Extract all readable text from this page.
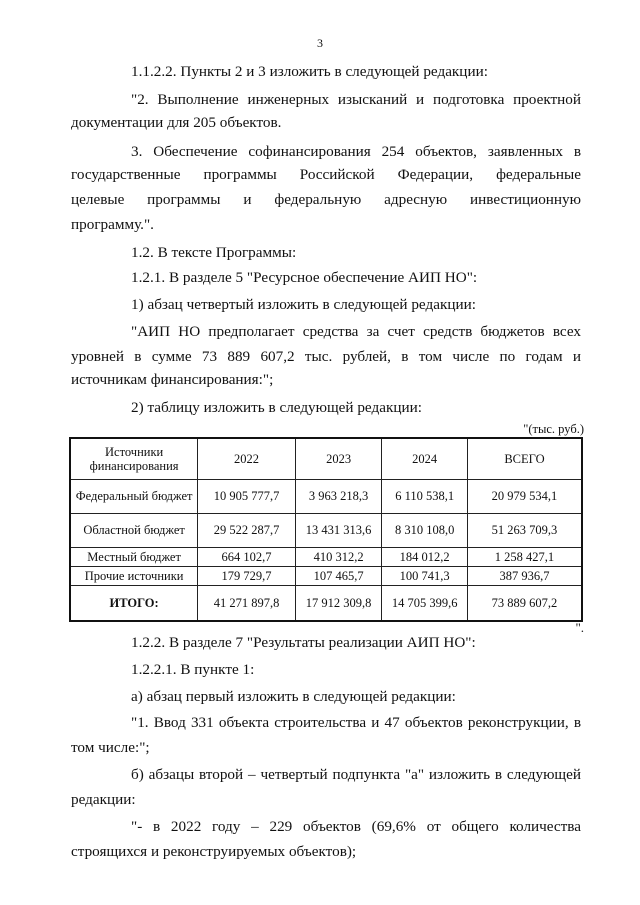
3
1.1.2.2. Пункты 2 и 3 изложить в следующей редакции:
"2. Выполнение инженерных изысканий и подготовка проектной
документации для 205 объектов.
3. Обеспечение софинансирования 254 объектов, заявленных в
государственные программы Российской Федерации, федеральные
целевые программы и федеральную адресную инвестиционную
программу.".
1.2. В тексте Программы:
1.2.1. В разделе 5 "Ресурсное обеспечение АИП НО":
1) абзац четвертый изложить в следующей редакции:
"АИП НО предполагает средства за счет средств бюджетов всех
уровней в сумме 73 889 607,2 тыс. рублей, в том числе по годам и
источникам финансирования:";
2) таблицу изложить в следующей редакции:
"(тыс. руб.)
Источники
финансирования	2022	2023	2024	ВСЕГО
Федеральный бюджет	10 905 777,7	3 963 218,3	6 110 538,1	20 979 534,1
Областной бюджет	29 522 287,7	13 431 313,6	8 310 108,0	51 263 709,3
Местный бюджет	664 102,7	410 312,2	184 012,2	1 258 427,1
Прочие источники	179 729,7	107 465,7	100 741,3	387 936,7
ИТОГО:	41 271 897,8	17 912 309,8	14 705 399,6	73 889 607,2
".
1.2.2. В разделе 7 "Результаты реализации АИП НО":
1.2.2.1. В пункте 1:
а) абзац первый изложить в следующей редакции:
"1. Ввод 331 объекта строительства и 47 объектов реконструкции, в
том числе:";
б) абзацы второй – четвертый подпункта "а" изложить в следующей
редакции:
"- в 2022 году – 229 объектов (69,6% от общего количества
строящихся и реконструируемых объектов);
